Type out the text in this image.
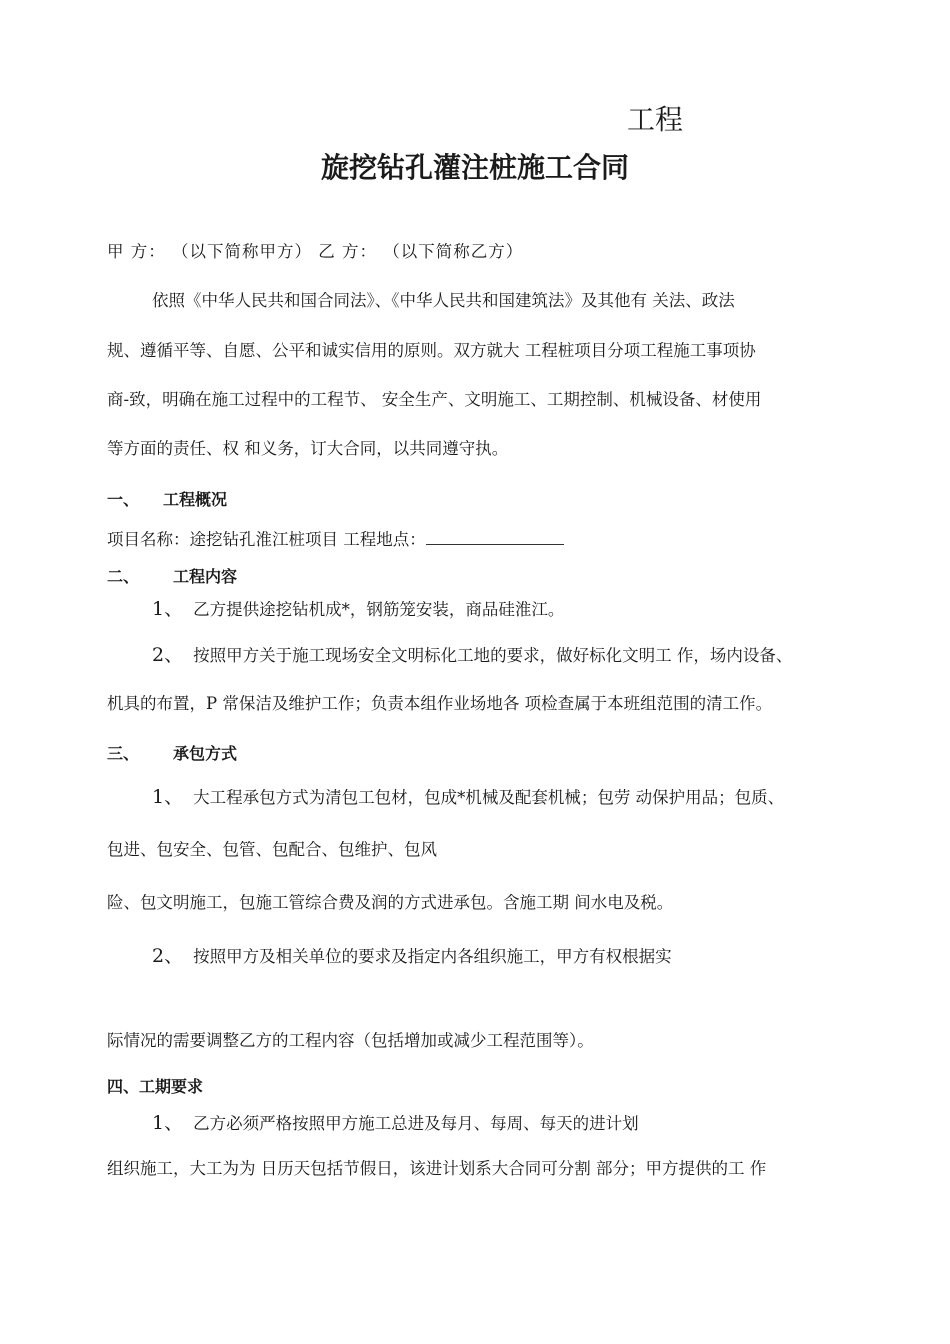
工程
旋挖钻孔灌注桩施工合同
甲 方： （以下简称甲方） 乙 方： （以下简称乙方）
依照《中华人民共和国合同法》、《中华人民共和国建筑法》及其他有 关法、政法
规、遵循平等、自愿、公平和诚实信用的原则。双方就大 工程桩项目分项工程施工事项协
商-致，明确在施工过程中的工程节、 安全生产、文明施工、工期控制、机械设备、材使用
等方面的责任、权 和义务，订大合同，以共同遵守执。
一、 工程概况
项目名称：途挖钻孔淮江桩项目 工程地点：
二、 工程内容
1、 乙方提供途挖钻机成*，钢筋笼安装，商品硅淮江。
2、 按照甲方关于施工现场安全文明标化工地的要求，做好标化文明工 作，场内设备、
机具的布置，P 常保洁及维护工作；负责本组作业场地各 项检查属于本班组范围的清工作。
三、 承包方式
1、 大工程承包方式为清包工包材，包成*机械及配套机械；包劳 动保护用品；包质、
包进、包安全、包管、包配合、包维护、包风
险、包文明施工，包施工管综合费及润的方式进承包。含施工期 间水电及税。
2、 按照甲方及相关单位的要求及指定内各组织施工，甲方有权根据实
际情况的需要调整乙方的工程内容（包括增加或减少工程范围等）。
四、工期要求
1、 乙方必须严格按照甲方施工总进及每月、每周、每天的进计划
组织施工，大工为为 日历天包括节假日，该进计划系大合同可分割 部分；甲方提供的工 作
